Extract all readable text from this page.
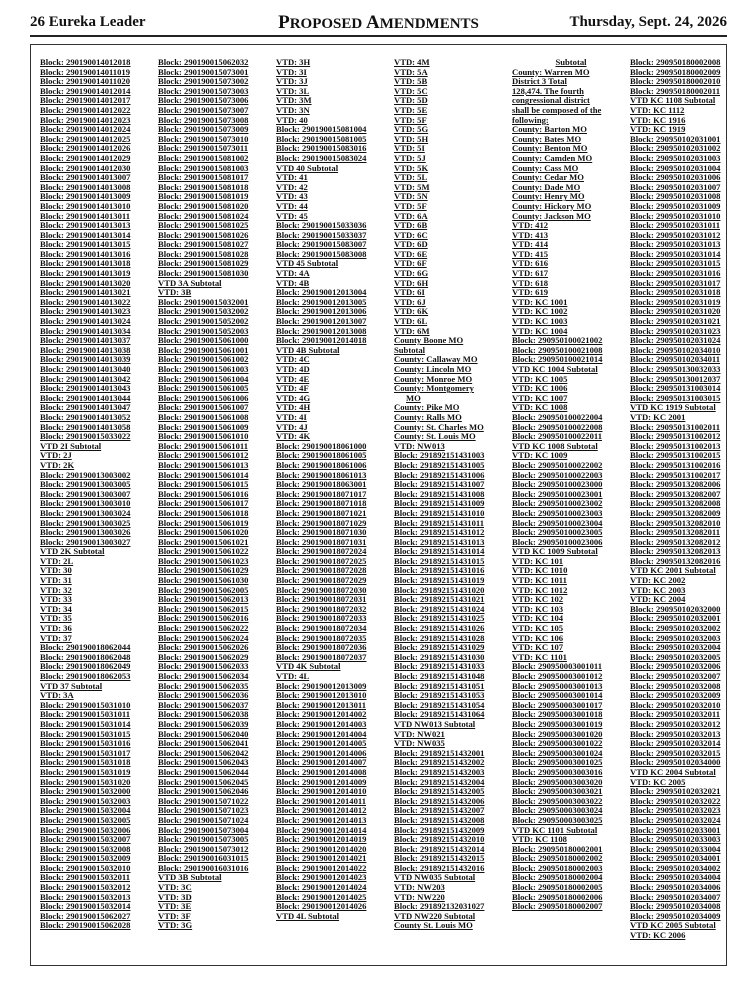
26 Eureka Leader	PROPOSED AMENDMENTS	Thursday, Sept. 24, 2026
Block: 290190014012018
Block: 290190014011019
Block: 290190014011020
Block: 290190014012014
Block: 290190014012017
Block: 290190014012022
Block: 290190014012023
Block: 290190014012024
Block: 290190014012025
Block: 290190014012026
Block: 290190014012029
Block: 290190014012030
Block: 290190014013007
Block: 290190014013008
Block: 290190014013009
Block: 290190014013010
Block: 290190014013011
Block: 290190014013013
Block: 290190014013014
Block: 290190014013015
Block: 290190014013016
Block: 290190014013018
Block: 290190014013019
Block: 290190014013020
Block: 290190014013021
Block: 290190014013022
Block: 290190014013023
Block: 290190014013024
Block: 290190014013034
Block: 290190014013037
Block: 290190014013038
Block: 290190014013039
Block: 290190014013040
Block: 290190014013042
Block: 290190014013043
Block: 290190014013044
Block: 290190014013047
Block: 290190014013052
Block: 290190014013058
Block: 290190015033022
VTD 2I Subtotal
VTD: 2J
VTD: 2K
Block: 290190013003002
Block: 290190013003005
Block: 290190013003007
Block: 290190013003010
Block: 290190013003024
Block: 290190013003025
Block: 290190013003026
Block: 290190013003027
VTD 2K Subtotal
VTD: 2L
VTD: 30
VTD: 31
VTD: 32
VTD: 33
VTD: 34
VTD: 35
VTD: 36
VTD: 37
Block: 290190018062044
Block: 290190018062048
Block: 290190018062049
Block: 290190018062053
VTD 37 Subtotal
VTD: 3A
Block: 290190015031010
Block: 290190015031011
Block: 290190015031014
Block: 290190015031015
Block: 290190015031016
Block: 290190015031017
Block: 290190015031018
Block: 290190015031019
Block: 290190015031020
Block: 290190015032000
Block: 290190015032003
Block: 290190015032004
Block: 290190015032005
Block: 290190015032006
Block: 290190015032007
Block: 290190015032008
Block: 290190015032009
Block: 290190015032010
Block: 290190015032011
Block: 290190015032012
Block: 290190015032013
Block: 290190015032014
Block: 290190015062027
Block: 290190015062028
Block: 290190015062032
Block: 290190015073001
Block: 290190015073002
Block: 290190015073003
Block: 290190015073006
Block: 290190015073007
Block: 290190015073008
Block: 290190015073009
Block: 290190015073010
Block: 290190015073011
Block: 290190015081002
Block: 290190015081003
Block: 290190015081017
Block: 290190015081018
Block: 290190015081019
Block: 290190015081020
Block: 290190015081024
Block: 290190015081025
Block: 290190015081026
Block: 290190015081027
Block: 290190015081028
Block: 290190015081029
Block: 290190015081030
VTD 3A Subtotal
VTD: 3B
Block: 290190015032001
Block: 290190015032002
Block: 290190015052002
Block: 290190015052003
Block: 290190015061000
Block: 290190015061001
Block: 290190015061002
Block: 290190015061003
Block: 290190015061004
Block: 290190015061005
Block: 290190015061006
Block: 290190015061007
Block: 290190015061008
Block: 290190015061009
Block: 290190015061010
Block: 290190015061011
Block: 290190015061012
Block: 290190015061013
Block: 290190015061014
Block: 290190015061015
Block: 290190015061016
Block: 290190015061017
Block: 290190015061018
Block: 290190015061019
Block: 290190015061020
Block: 290190015061021
Block: 290190015061022
Block: 290190015061023
Block: 290190015061029
Block: 290190015061030
Block: 290190015062005
Block: 290190015062013
Block: 290190015062015
Block: 290190015062016
Block: 290190015062022
Block: 290190015062024
Block: 290190015062026
Block: 290190015062029
Block: 290190015062033
Block: 290190015062034
Block: 290190015062035
Block: 290190015062036
Block: 290190015062037
Block: 290190015062038
Block: 290190015062039
Block: 290190015062040
Block: 290190015062041
Block: 290190015062042
Block: 290190015062043
Block: 290190015062044
Block: 290190015062045
Block: 290190015062046
Block: 290190015071022
Block: 290190015071023
Block: 290190015071024
Block: 290190015073004
Block: 290190015073005
Block: 290190015073012
Block: 290190016031015
Block: 290190016031016
VTD 3B Subtotal
VTD: 3C
VTD: 3D
VTD: 3E
VTD: 3F
VTD: 3G
VTD: 3H
VTD: 3I
VTD: 3J
VTD: 3L
VTD: 3M
VTD: 3N
VTD: 40
Block: 290190015081004
Block: 290190015081005
Block: 290190015083016
Block: 290190015083024
VTD 40 Subtotal
VTD: 41
VTD: 42
VTD: 43
VTD: 44
VTD: 45
Block: 290190015033036
Block: 290190015033037
Block: 290190015083007
Block: 290190015083008
VTD 45 Subtotal
VTD: 4A
VTD: 4B
Block: 290190012013004
Block: 290190012013005
Block: 290190012013006
Block: 290190012013007
Block: 290190012013008
Block: 290190012014018
VTD 4B Subtotal
VTD: 4C
VTD: 4D
VTD: 4E
VTD: 4F
VTD: 4G
VTD: 4H
VTD: 4I
VTD: 4J
VTD: 4K
Block: 290190018061000
Block: 290190018061005
Block: 290190018061006
Block: 290190018061013
Block: 290190018063001
Block: 290190018071017
Block: 290190018071018
Block: 290190018071021
Block: 290190018071029
Block: 290190018071030
Block: 290190018071031
Block: 290190018072024
Block: 290190018072025
Block: 290190018072028
Block: 290190018072029
Block: 290190018072030
Block: 290190018072031
Block: 290190018072032
Block: 290190018072033
Block: 290190018072034
Block: 290190018072035
Block: 290190018072036
Block: 290190018072037
VTD 4K Subtotal
VTD: 4L
Block: 290190012013009
Block: 290190012013010
Block: 290190012013011
Block: 290190012014002
Block: 290190012014003
Block: 290190012014004
Block: 290190012014005
Block: 290190012014006
Block: 290190012014007
Block: 290190012014008
Block: 290190012014009
Block: 290190012014010
Block: 290190012014011
Block: 290190012014012
Block: 290190012014013
Block: 290190012014014
Block: 290190012014019
Block: 290190012014020
Block: 290190012014021
Block: 290190012014022
Block: 290190012014023
Block: 290190012014024
Block: 290190012014025
Block: 290190012014026
VTD 4L Subtotal
VTD: 4M
VTD: 5A
VTD: 5B
VTD: 5C
VTD: 5D
VTD: 5E
VTD: 5F
VTD: 5G
VTD: 5H
VTD: 5I
VTD: 5J
VTD: 5K
VTD: 5L
VTD: 5M
VTD: 5N
VTD: 5F
VTD: 6A
VTD: 6B
VTD: 6C
VTD: 6D
VTD: 6E
VTD: 6F
VTD: 6G
VTD: 6H
VTD: 6I
VTD: 6J
VTD: 6K
VTD: 6L
VTD: 6M
County Boone MO
Subtotal
County: Callaway MO
County: Lincoln MO
County: Monroe MO
County: Montgomery
MO
County: Pike MO
County: Ralls MO
County: St. Charles MO
County: St. Louis MO
VTD: NW013
Block: 291892151431003
Block: 291892151431005
Block: 291892151431006
Block: 291892151431007
Block: 291892151431008
Block: 291892151431009
Block: 291892151431010
Block: 291892151431011
Block: 291892151431012
Block: 291892151431013
Block: 291892151431014
Block: 291892151431015
Block: 291892151431016
Block: 291892151431019
Block: 291892151431020
Block: 291892151431021
Block: 291892151431024
Block: 291892151431025
Block: 291892151431026
Block: 291892151431028
Block: 291892151431029
Block: 291892151431030
Block: 291892151431033
Block: 291892151431048
Block: 291892151431051
Block: 291892151431053
Block: 291892151431054
Block: 291892151431064
VTD NW013 Subtotal
VTD: NW021
VTD: NW035
Block: 291892151432001
Block: 291892151432002
Block: 291892151432003
Block: 291892151432004
Block: 291892151432005
Block: 291892151432006
Block: 291892151432007
Block: 291892151432008
Block: 291892151432009
Block: 291892151432010
Block: 291892151432014
Block: 291892151432015
Block: 291892151432016
VTD NW035 Subtotal
VTD: NW203
VTD: NW220
Block: 291892132031027
VTD NW220 Subtotal
County St. Louis MO
Subtotal
County: Warren MO
District 3 Total
128,474. The fourth
congressional district
shall be composed of the
following:
County: Barton MO
County: Bates MO
County: Benton MO
County: Camden MO
County: Cass MO
County: Cedar MO
County: Dade MO
County: Henry MO
County: Hickory MO
County: Jackson MO
VTD: 412
VTD: 413
VTD: 414
VTD: 415
VTD: 616
VTD: 617
VTD: 618
VTD: 619
VTD: KC 1001
VTD: KC 1002
VTD: KC 1003
VTD: KC 1004
Block: 290950100021002
Block: 290950100021008
Block: 290950100021014
VTD KC 1004 Subtotal
VTD: KC 1005
VTD: KC 1006
VTD: KC 1007
VTD: KC 1008
Block: 290950100022004
Block: 290950100022008
Block: 290950100022011
VTD KC 1008 Subtotal
VTD: KC 1009
Block: 290950100022002
Block: 290950100022003
Block: 290950100023000
Block: 290950100023001
Block: 290950100023002
Block: 290950100023003
Block: 290950100023004
Block: 290950100023005
Block: 290950100023006
VTD KC 1009 Subtotal
VTD: KC 101
VTD: KC 1010
VTD: KC 1011
VTD: KC 1012
VTD: KC 102
VTD: KC 103
VTD: KC 104
VTD: KC 105
VTD: KC 106
VTD: KC 107
VTD: KC 1101
Block: 290950003001011
Block: 290950003001012
Block: 290950003001013
Block: 290950003001014
Block: 290950003001017
Block: 290950003001018
Block: 290950003001019
Block: 290950003001020
Block: 290950003001022
Block: 290950003001024
Block: 290950003001025
Block: 290950003003016
Block: 290950003003020
Block: 290950003003021
Block: 290950003003022
Block: 290950003003024
Block: 290950003003025
VTD KC 1101 Subtotal
VTD: KC 1108
Block: 290950180002001
Block: 290950180002002
Block: 290950180002003
Block: 290950180002004
Block: 290950180002005
Block: 290950180002006
Block: 290950180002007
Block: 290950180002008
Block: 290950180002009
Block: 290950180002010
Block: 290950180002011
VTD KC 1108 Subtotal
VTD: KC 1112
VTD: KC 1916
VTD: KC 1919
Block: 290950102031001
Block: 290950102031002
Block: 290950102031003
Block: 290950102031004
Block: 290950102031006
Block: 290950102031007
Block: 290950102031008
Block: 290950102031009
Block: 290950102031010
Block: 290950102031011
Block: 290950102031012
Block: 290950102031013
Block: 290950102031014
Block: 290950102031015
Block: 290950102031016
Block: 290950102031017
Block: 290950102031018
Block: 290950102031019
Block: 290950102031020
Block: 290950102031021
Block: 290950102031023
Block: 290950102031024
Block: 290950102034010
Block: 290950102034011
Block: 290950130032033
Block: 290950130012037
Block: 290950131003014
Block: 290950131003015
VTD KC 1919 Subtotal
VTD: KC 2001
Block: 290950131002011
Block: 290950131002012
Block: 290950131002013
Block: 290950131002015
Block: 290950131002016
Block: 290950131002017
Block: 290950132082006
Block: 290950132082007
Block: 290950132082008
Block: 290950132082009
Block: 290950132082010
Block: 290950132082011
Block: 290950132082012
Block: 290950132082013
Block: 290950132082016
VTD KC 2001 Subtotal
VTD: KC 2002
VTD: KC 2003
VTD: KC 2004
Block: 290950102032000
Block: 290950102032001
Block: 290950102032002
Block: 290950102032003
Block: 290950102032004
Block: 290950102032005
Block: 290950102032006
Block: 290950102032007
Block: 290950102032008
Block: 290950102032009
Block: 290950102032010
Block: 290950102032011
Block: 290950102032012
Block: 290950102032013
Block: 290950102032014
Block: 290950102032015
Block: 290950102034000
VTD KC 2004 Subtotal
VTD: KC 2005
Block: 290950102032021
Block: 290950102032022
Block: 290950102032023
Block: 290950102032024
Block: 290950102033001
Block: 290950102033003
Block: 290950102033004
Block: 290950102034001
Block: 290950102034002
Block: 290950102034004
Block: 290950102034006
Block: 290950102034007
Block: 290950102034008
Block: 290950102034009
VTD KC 2005 Subtotal
VTD: KC 2006
